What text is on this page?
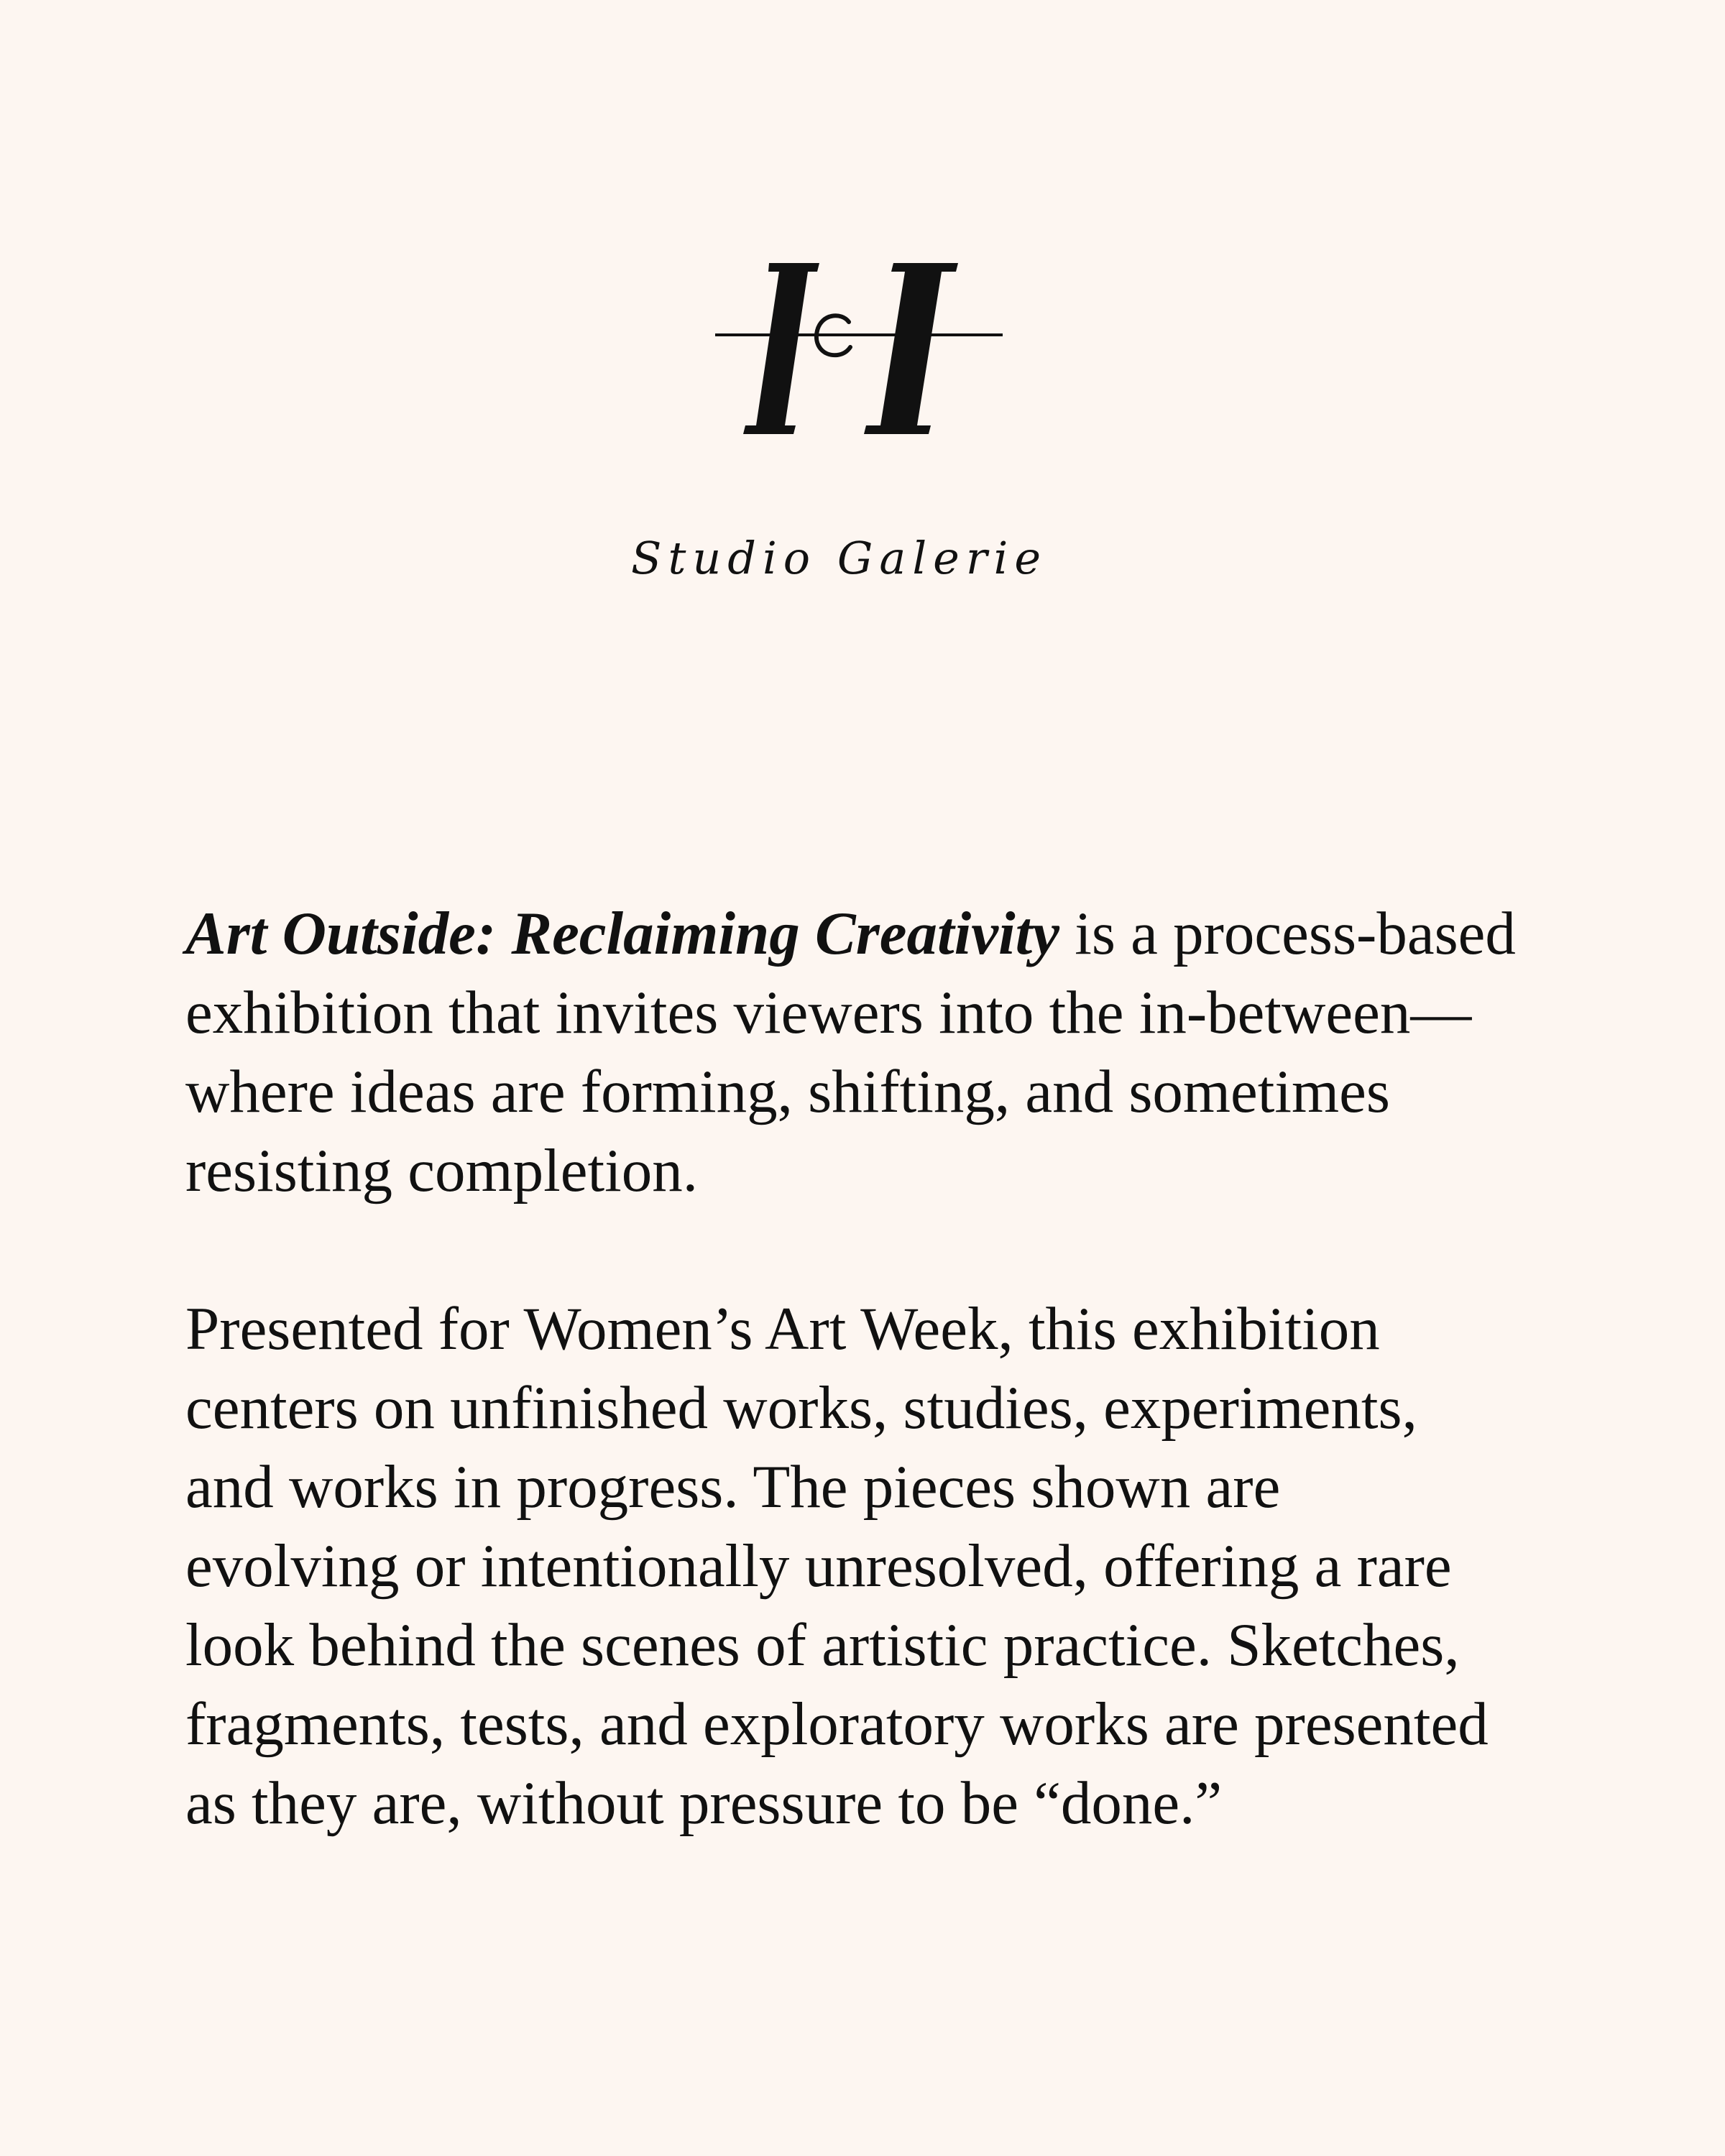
Studio Galerie

Art Outside: Reclaiming Creativity is a process-based
exhibition that invites viewers into the in-between—
where ideas are forming, shifting, and sometimes
resisting completion.

Presented for Women’s Art Week, this exhibition
centers on unfinished works, studies, experiments,
and works in progress. The pieces shown are
evolving or intentionally unresolved, offering a rare
look behind the scenes of artistic practice. Sketches,
fragments, tests, and exploratory works are presented
as they are, without pressure to be “done.”
